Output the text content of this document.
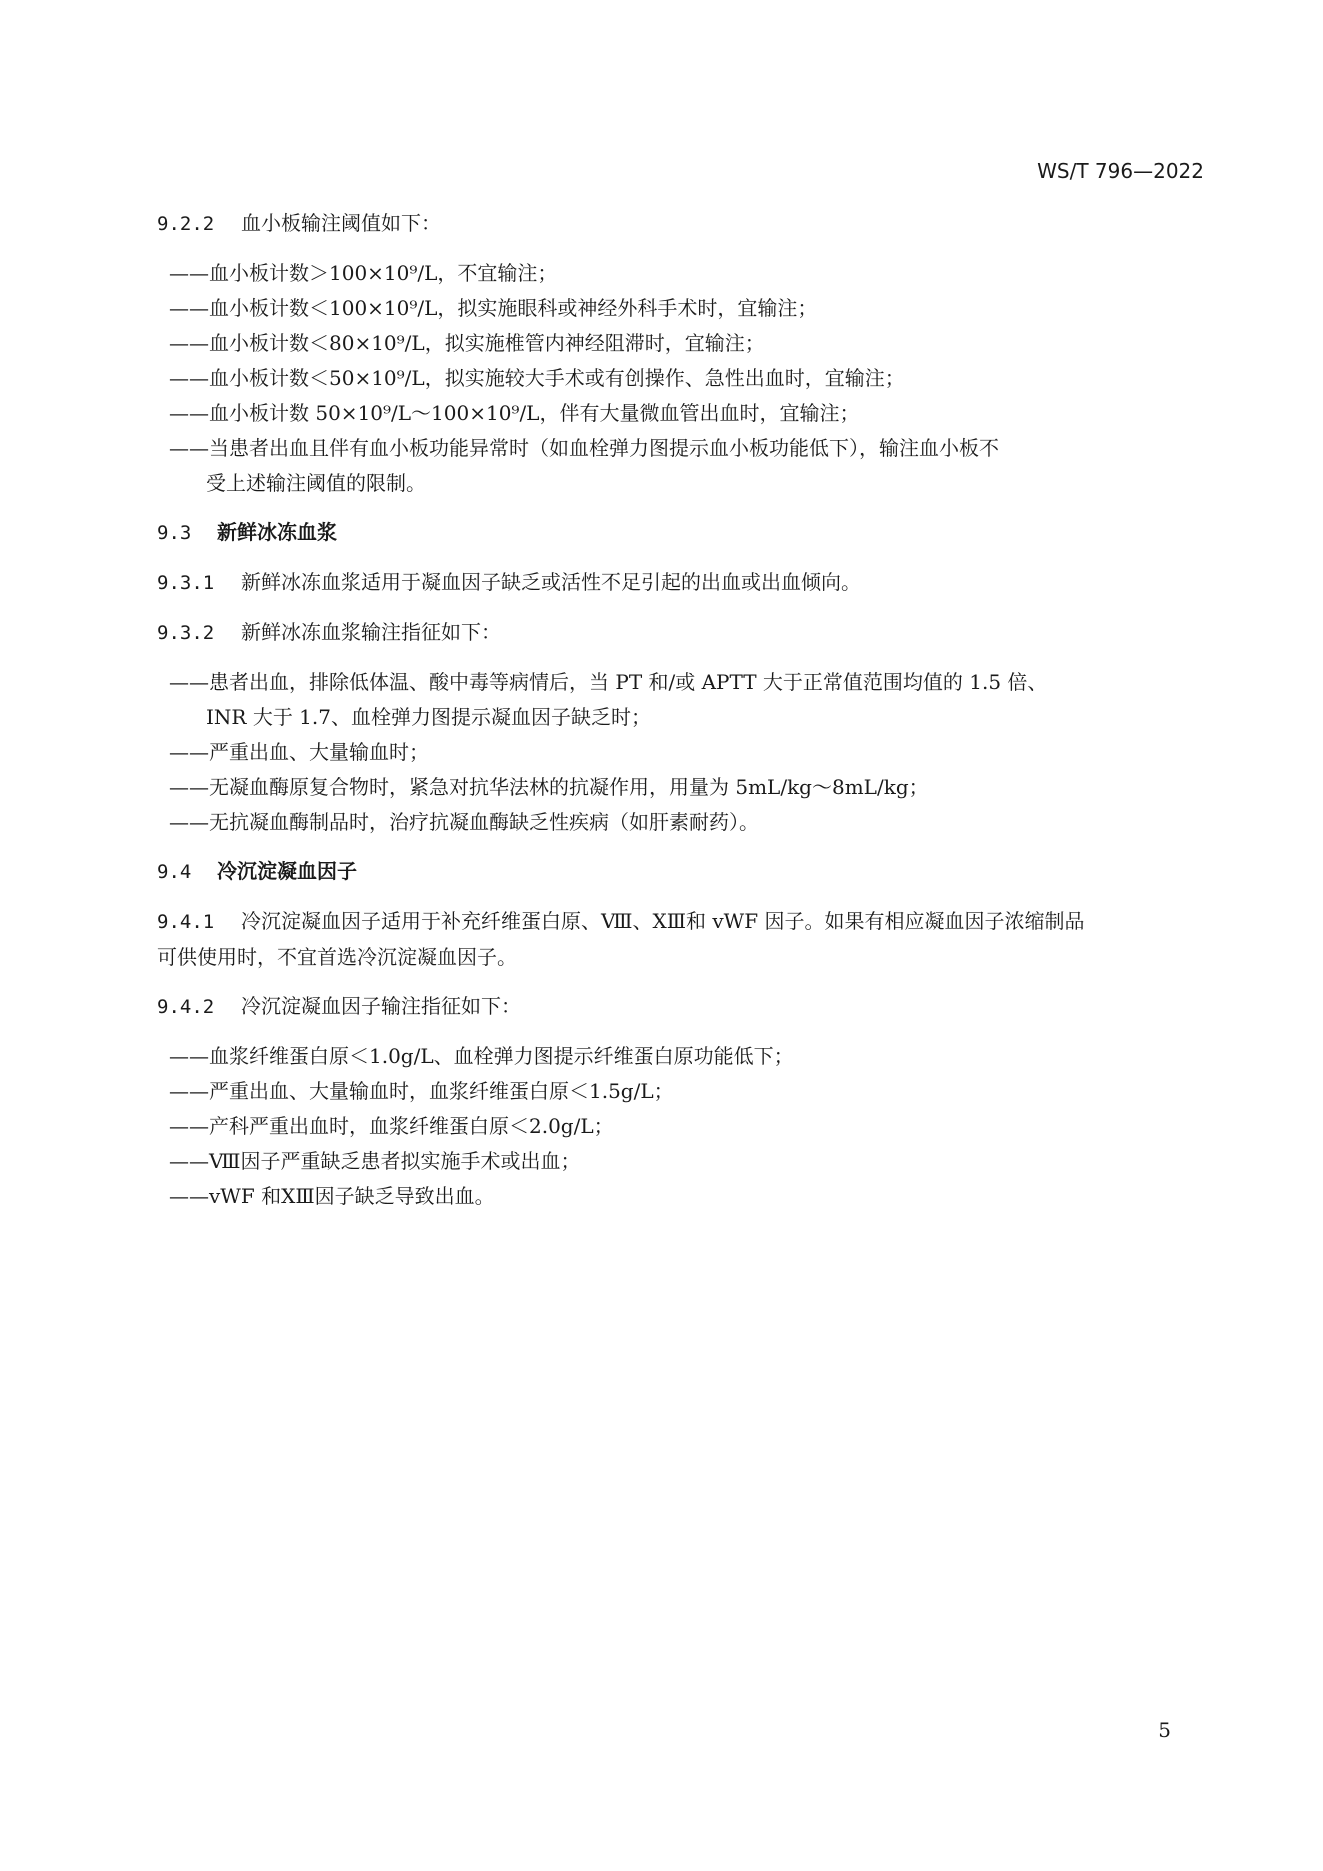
WS/T 796—2022
9.2.2 血小板输注阈值如下：
——血小板计数＞100×10⁹/L，不宜输注；
——血小板计数＜100×10⁹/L，拟实施眼科或神经外科手术时，宜输注；
——血小板计数＜80×10⁹/L，拟实施椎管内神经阻滞时，宜输注；
——血小板计数＜50×10⁹/L，拟实施较大手术或有创操作、急性出血时，宜输注；
——血小板计数 50×10⁹/L～100×10⁹/L，伴有大量微血管出血时，宜输注；
——当患者出血且伴有血小板功能异常时（如血栓弹力图提示血小板功能低下），输注血小板不
受上述输注阈值的限制。
9.3 新鲜冰冻血浆
9.3.1 新鲜冰冻血浆适用于凝血因子缺乏或活性不足引起的出血或出血倾向。
9.3.2 新鲜冰冻血浆输注指征如下：
——患者出血，排除低体温、酸中毒等病情后，当 PT 和/或 APTT 大于正常值范围均值的 1.5 倍、
INR 大于 1.7、血栓弹力图提示凝血因子缺乏时；
——严重出血、大量输血时；
——无凝血酶原复合物时，紧急对抗华法林的抗凝作用，用量为 5mL/kg～8mL/kg；
——无抗凝血酶制品时，治疗抗凝血酶缺乏性疾病（如肝素耐药）。
9.4 冷沉淀凝血因子
9.4.1 冷沉淀凝血因子适用于补充纤维蛋白原、Ⅷ、ⅩⅢ和 vWF 因子。如果有相应凝血因子浓缩制品
可供使用时，不宜首选冷沉淀凝血因子。
9.4.2 冷沉淀凝血因子输注指征如下：
——血浆纤维蛋白原＜1.0g/L、血栓弹力图提示纤维蛋白原功能低下；
——严重出血、大量输血时，血浆纤维蛋白原＜1.5g/L；
——产科严重出血时，血浆纤维蛋白原＜2.0g/L；
——Ⅷ因子严重缺乏患者拟实施手术或出血；
——vWF 和ⅩⅢ因子缺乏导致出血。
5
